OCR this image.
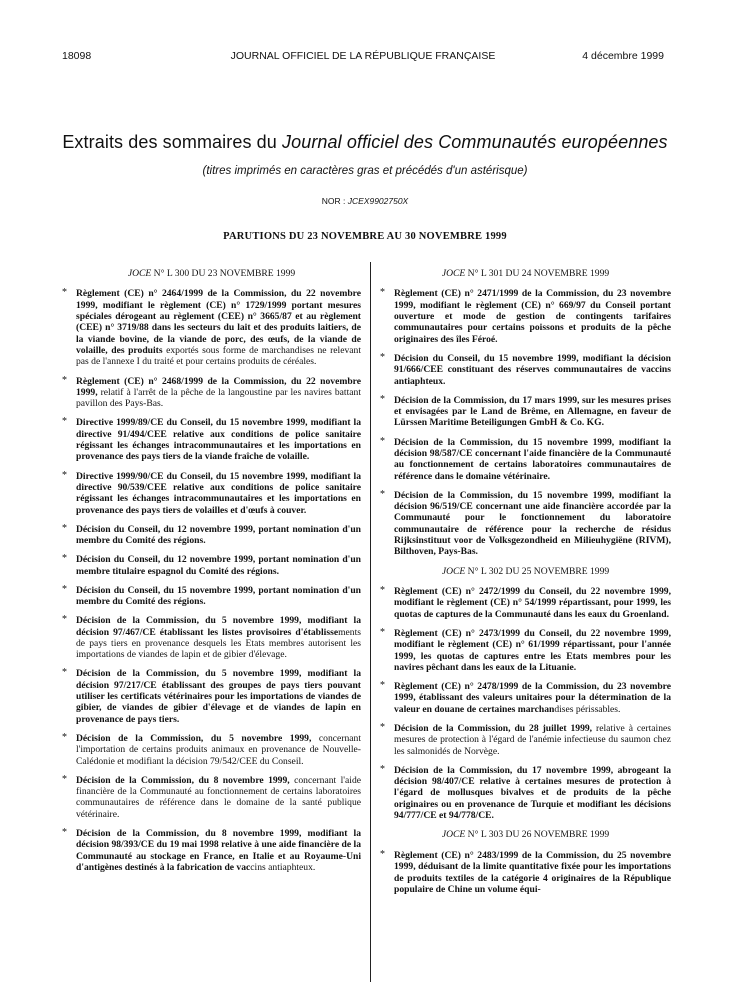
18098	JOURNAL OFFICIEL DE LA RÉPUBLIQUE FRANÇAISE	4 décembre 1999
Extraits des sommaires du Journal officiel des Communautés européennes
(titres imprimés en caractères gras et précédés d'un astérisque)
NOR : JCEX9902750X
PARUTIONS DU 23 NOVEMBRE AU 30 NOVEMBRE 1999
JOCE N° L 300 DU 23 NOVEMBRE 1999
* Règlement (CE) n° 2464/1999 de la Commission, du 22 novembre 1999, modifiant le règlement (CE) n° 1729/1999 portant mesures spéciales dérogeant au règlement (CEE) n° 3665/87 et au règlement (CEE) n° 3719/88 dans les secteurs du lait et des produits laitiers, de la viande bovine, de la viande de porc, des œufs, de la viande de volaille, des produits exportés sous forme de marchandises ne relevant pas de l'annexe I du traité et pour certains produits de céréales.
* Règlement (CE) n° 2468/1999 de la Commission, du 22 novembre 1999, relatif à l'arrêt de la pêche de la langoustine par les navires battant pavillon des Pays-Bas.
* Directive 1999/89/CE du Conseil, du 15 novembre 1999, modifiant la directive 91/494/CEE relative aux conditions de police sanitaire régissant les échanges intracommunautaires et les importations en provenance des pays tiers de la viande fraîche de volaille.
* Directive 1999/90/CE du Conseil, du 15 novembre 1999, modifiant la directive 90/539/CEE relative aux conditions de police sanitaire régissant les échanges intracommunautaires et les importations en provenance des pays tiers de volailles et d'œufs à couver.
* Décision du Conseil, du 12 novembre 1999, portant nomination d'un membre du Comité des régions.
* Décision du Conseil, du 12 novembre 1999, portant nomination d'un membre titulaire espagnol du Comité des régions.
* Décision du Conseil, du 15 novembre 1999, portant nomination d'un membre du Comité des régions.
* Décision de la Commission, du 5 novembre 1999, modifiant la décision 97/467/CE établissant les listes provisoires d'établissements de pays tiers en provenance desquels les Etats membres autorisent les importations de viandes de lapin et de gibier d'élevage.
* Décision de la Commission, du 5 novembre 1999, modifiant la décision 97/217/CE établissant des groupes de pays tiers pouvant utiliser les certificats vétérinaires pour les importations de viandes de gibier, de viandes de gibier d'élevage et de viandes de lapin en provenance de pays tiers.
* Décision de la Commission, du 5 novembre 1999, concernant l'importation de certains produits animaux en provenance de Nouvelle-Calédonie et modifiant la décision 79/542/CEE du Conseil.
* Décision de la Commission, du 8 novembre 1999, concernant l'aide financière de la Communauté au fonctionnement de certains laboratoires communautaires de référence dans le domaine de la santé publique vétérinaire.
* Décision de la Commission, du 8 novembre 1999, modifiant la décision 98/393/CE du 19 mai 1998 relative à une aide financière de la Communauté au stockage en France, en Italie et au Royaume-Uni d'antigènes destinés à la fabrication de vaccins antiaphteux.
JOCE N° L 301 DU 24 NOVEMBRE 1999
* Règlement (CE) n° 2471/1999 de la Commission, du 23 novembre 1999, modifiant le règlement (CE) n° 669/97 du Conseil portant ouverture et mode de gestion de contingents tarifaires communautaires pour certains poissons et produits de la pêche originaires des îles Féroé.
* Décision du Conseil, du 15 novembre 1999, modifiant la décision 91/666/CEE constituant des réserves communautaires de vaccins antiaphteux.
* Décision de la Commission, du 17 mars 1999, sur les mesures prises et envisagées par le Land de Brême, en Allemagne, en faveur de Lürssen Maritime Beteiligungen GmbH & Co. KG.
* Décision de la Commission, du 15 novembre 1999, modifiant la décision 98/587/CE concernant l'aide financière de la Communauté au fonctionnement de certains laboratoires communautaires de référence dans le domaine vétérinaire.
* Décision de la Commission, du 15 novembre 1999, modifiant la décision 96/519/CE concernant une aide financière accordée par la Communauté pour le fonctionnement du laboratoire communautaire de référence pour la recherche de résidus Rijksinstituut voor de Volksgezondheid en Milieuhygiëne (RIVM), Bilthoven, Pays-Bas.
JOCE N° L 302 DU 25 NOVEMBRE 1999
* Règlement (CE) n° 2472/1999 du Conseil, du 22 novembre 1999, modifiant le règlement (CE) n° 54/1999 répartissant, pour 1999, les quotas de captures de la Communauté dans les eaux du Groenland.
* Règlement (CE) n° 2473/1999 du Conseil, du 22 novembre 1999, modifiant le règlement (CE) n° 61/1999 répartissant, pour l'année 1999, les quotas de captures entre les Etats membres pour les navires pêchant dans les eaux de la Lituanie.
* Règlement (CE) n° 2478/1999 de la Commission, du 23 novembre 1999, établissant des valeurs unitaires pour la détermination de la valeur en douane de certaines marchandises périssables.
* Décision de la Commission, du 28 juillet 1999, relative à certaines mesures de protection à l'égard de l'anémie infectieuse du saumon chez les salmonidés de Norvège.
* Décision de la Commission, du 17 novembre 1999, abrogeant la décision 98/407/CE relative à certaines mesures de protection à l'égard de mollusques bivalves et de produits de la pêche originaires ou en provenance de Turquie et modifiant les décisions 94/777/CE et 94/778/CE.
JOCE N° L 303 DU 26 NOVEMBRE 1999
* Règlement (CE) n° 2483/1999 de la Commission, du 25 novembre 1999, déduisant de la limite quantitative fixée pour les importations de produits textiles de la catégorie 4 originaires de la République populaire de Chine un volume équi-
